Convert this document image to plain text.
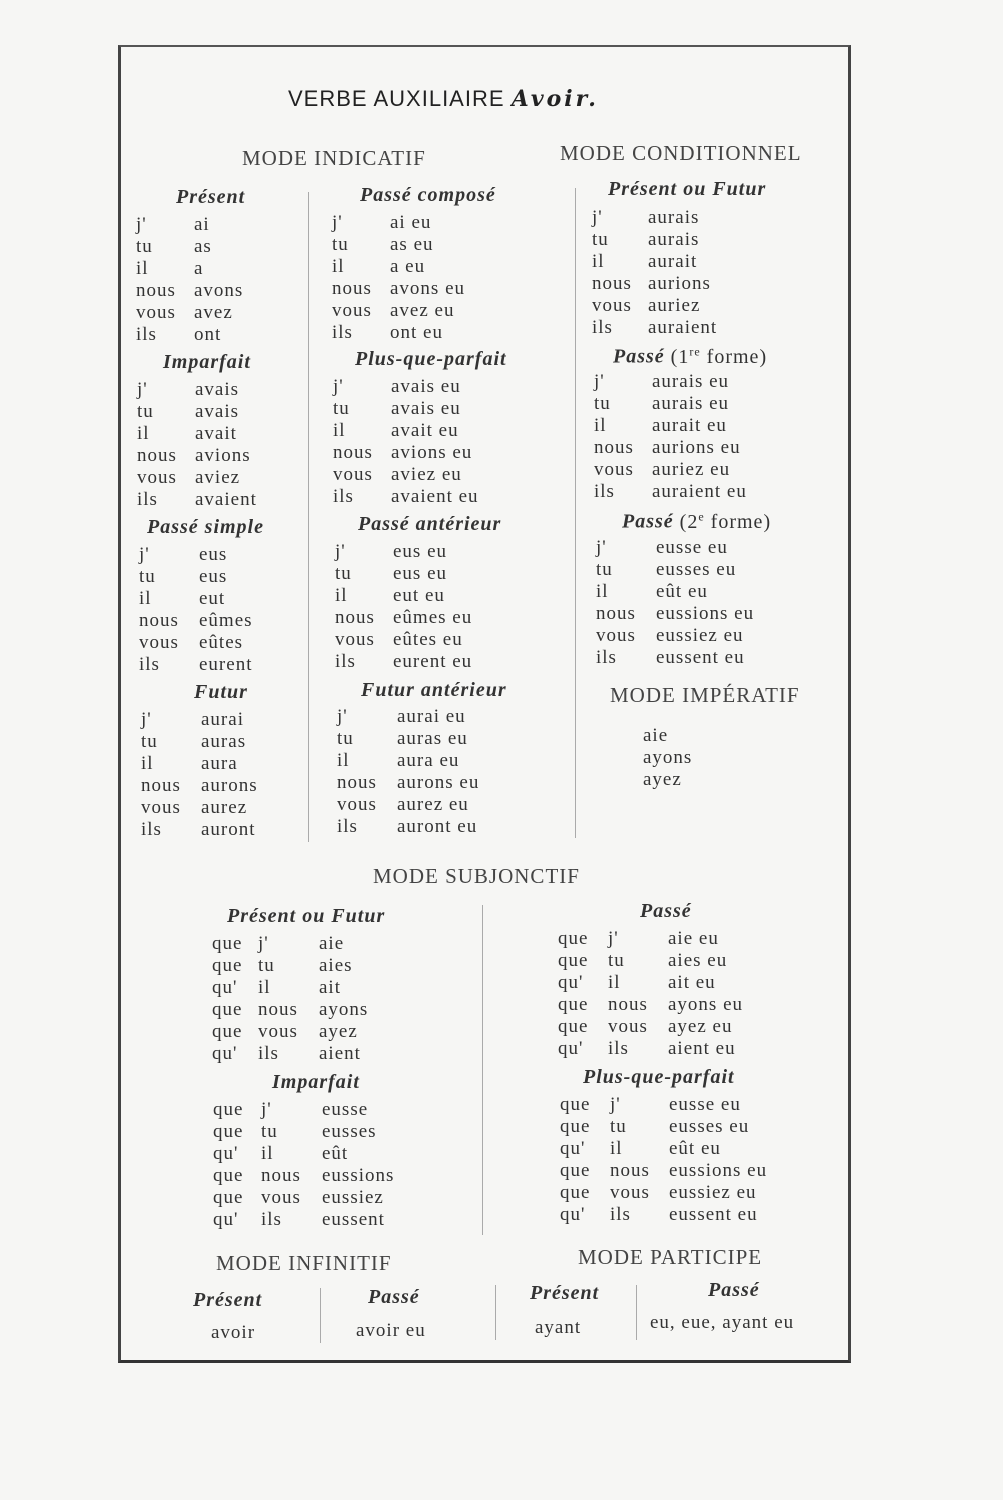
VERBE AUXILIAIRE Avoir.
MODE INDICATIF	MODE CONDITIONNEL
MODE IMPÉRATIF
MODE SUBJONCTIF
MODE INFINITIF	MODE PARTICIPE
Présent	Passé composé
Imparfait	Plus-que-parfait
Passé simple	Passé antérieur
Futur	Futur antérieur
Présent ou Futur
Passé (1re forme)
Passé (2e forme)
Présent ou Futur	Passé
Imparfait	Plus-que-parfait
Présent	Passé	Présent	Passé
avoir	avoir eu	ayant	eu, eue, ayant eu
j' ai
tu as
il a
nous avons
vous avez
ils ont
j' ai eu
tu as eu
il a eu
nous avons eu
vous avez eu
ils ont eu
j' avais
tu avais
il avait
nous avions
vous aviez
ils avaient
j' avais eu
tu avais eu
il avait eu
nous avions eu
vous aviez eu
ils avaient eu
j'	eus
tu eus
il eut
nous eûmes
vous eûtes
ils eurent
j' eus eu
tu eus eu
il eut eu
nous eûmes eu
vous eûtes eu
ils eurent eu
j'	aurai
tu auras
il aura
nous aurons
vous aurez
ils auront
j'	aurai eu
tu auras eu
il aura eu
nous aurons eu
vous aurez eu
ils auront eu
j' aurais
tu aurais
il aurait
nous aurions
vous auriez
ils auraient
j' aurais eu
tu aurais eu
il aurait eu
nous aurions eu
vous auriez eu
ils auraient eu
j'	eusse eu
tu eusses eu
il eût eu
nous eussions eu
vous eussiez eu
ils eussent eu
que j'	aie
que tu aies
qu' il	ait
que nous ayons
que vous ayez
qu' ils aient
que j'	aie eu
que tu aies eu
qu' il ait eu
que nous ayons eu
que vous ayez eu
qu' ils aient eu
que j'	eusse
que tu eusses
qu' il	eût
que nous eussions
que vous eussiez
qu' ils eussent
que j'	eusse eu
que tu eusses eu
qu' il eût eu
que nous eussions eu
que vous eussiez eu
qu' ils eussent eu
aie
ayons
ayez
